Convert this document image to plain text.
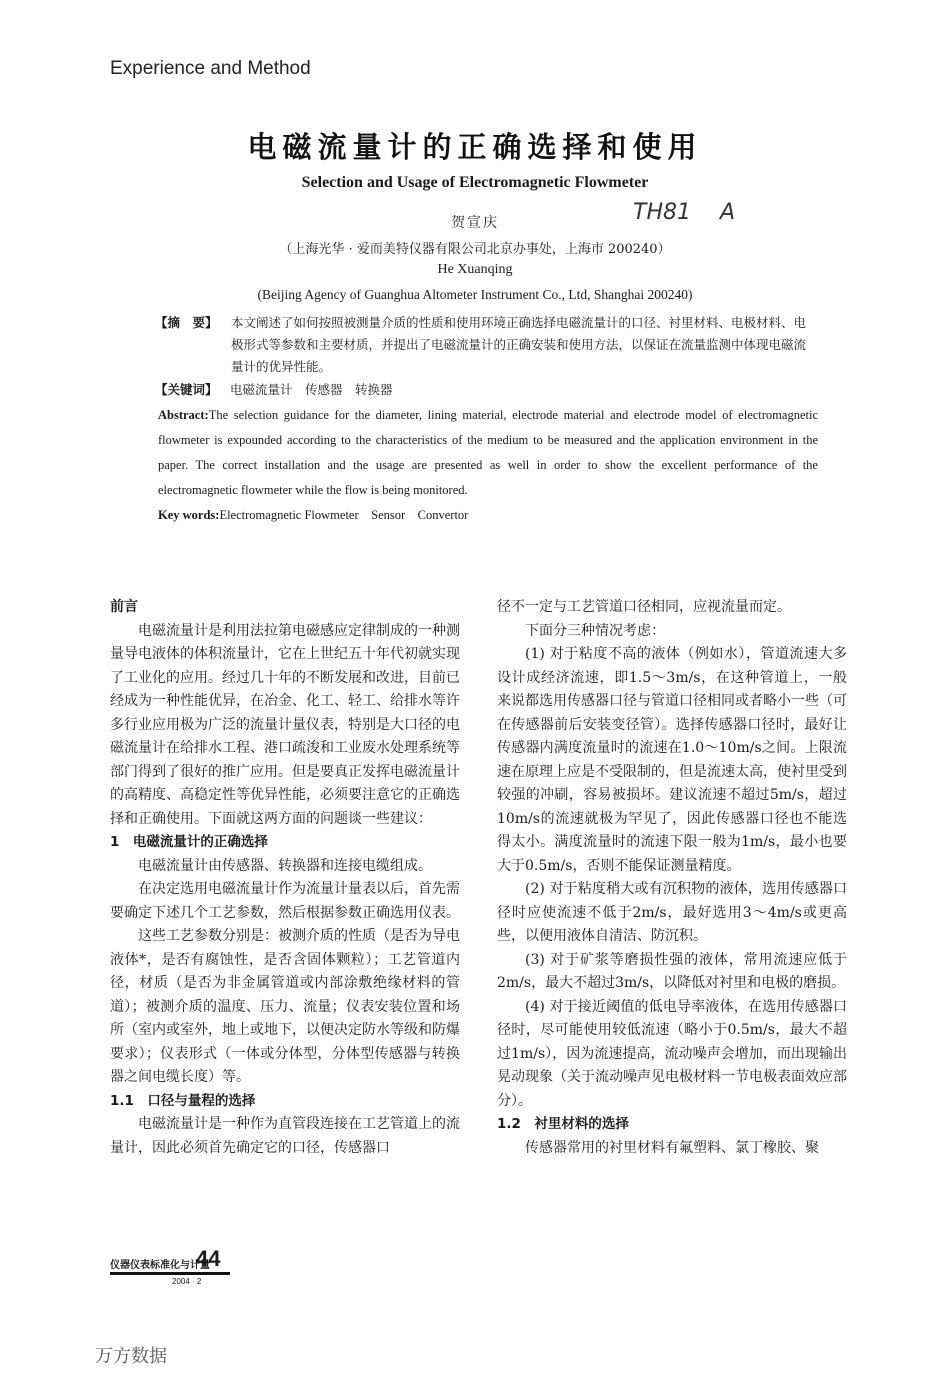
Experience and Method
电磁流量计的正确选择和使用
Selection and Usage of Electromagnetic Flowmeter
贺宣庆	TH81 A
（上海光华 · 爱而美特仪器有限公司北京办事处，上海市 200240）
He Xuanqing
(Beijing Agency of Guanghua Altometer Instrument Co., Ltd, Shanghai 200240)
【摘　要】	本文阐述了如何按照被测量介质的性质和使用环境正确选择电磁流量计的口径、衬里材料、电极材料、电极形式等参数和主要材质，并提出了电磁流量计的正确安装和使用方法，以保证在流量监测中体现电磁流量计的优异性能。
【关键词】 电磁流量计　传感器　转换器
Abstract:The selection guidance for the diameter, lining material, electrode material and electrode model of electromagnetic flowmeter is expounded according to the characteristics of the medium to be measured and the application environment in the paper. The correct installation and the usage are presented as well in order to show the excellent performance of the electromagnetic flowmeter while the flow is being monitored.
Key words:Electromagnetic Flowmeter　Sensor　Convertor
前言

电磁流量计是利用法拉第电磁感应定律制成的一种测量导电液体的体积流量计，它在上世纪五十年代初就实现了工业化的应用。经过几十年的不断发展和改进，目前已经成为一种性能优异，在冶金、化工、轻工、给排水等许多行业应用极为广泛的流量计量仪表，特别是大口径的电磁流量计在给排水工程、港口疏浚和工业废水处理系统等部门得到了很好的推广应用。但是要真正发挥电磁流量计的高精度、高稳定性等优异性能，必须要注意它的正确选择和正确使用。下面就这两方面的问题谈一些建议：

1　电磁流量计的正确选择

电磁流量计由传感器、转换器和连接电缆组成。

在决定选用电磁流量计作为流量计量表以后，首先需要确定下述几个工艺参数，然后根据参数正确选用仪表。

这些工艺参数分别是：被测介质的性质（是否为导电液体*，是否有腐蚀性，是否含固体颗粒）；工艺管道内径，材质（是否为非金属管道或内部涂敷绝缘材料的管道）；被测介质的温度、压力、流量；仪表安装位置和场所（室内或室外，地上或地下，以便决定防水等级和防爆要求）；仪表形式（一体或分体型，分体型传感器与转换器之间电缆长度）等。

1.1　口径与量程的选择

电磁流量计是一种作为直管段连接在工艺管道上的流量计，因此必须首先确定它的口径，传感器口

径不一定与工艺管道口径相同，应视流量而定。

下面分三种情况考虑：

(1) 对于粘度不高的液体（例如水），管道流速大多设计成经济流速，即1.5～3m/s，在这种管道上，一般来说都选用传感器口径与管道口径相同或者略小一些（可在传感器前后安装变径管）。选择传感器口径时，最好让传感器内满度流量时的流速在1.0～10m/s之间。上限流速在原理上应是不受限制的，但是流速太高，使衬里受到较强的冲刷，容易被损坏。建议流速不超过5m/s，超过10m/s的流速就极为罕见了，因此传感器口径也不能选得太小。满度流量时的流速下限一般为1m/s，最小也要大于0.5m/s，否则不能保证测量精度。

(2) 对于粘度稍大或有沉积物的液体，选用传感器口径时应使流速不低于2m/s，最好选用3～4m/s或更高些，以便用液体自清洁、防沉积。

(3) 对于矿浆等磨损性强的液体，常用流速应低于2m/s，最大不超过3m/s，以降低对衬里和电极的磨损。

(4) 对于接近阈值的低电导率液体，在选用传感器口径时，尽可能使用较低流速（略小于0.5m/s，最大不超过1m/s），因为流速提高，流动噪声会增加，而出现输出晃动现象（关于流动噪声见电极材料一节电极表面效应部分）。

1.2　衬里材料的选择

传感器常用的衬里材料有氟塑料、氯丁橡胶、聚

仪器仪表标准化与计量
44
2004 · 2
万方数据
